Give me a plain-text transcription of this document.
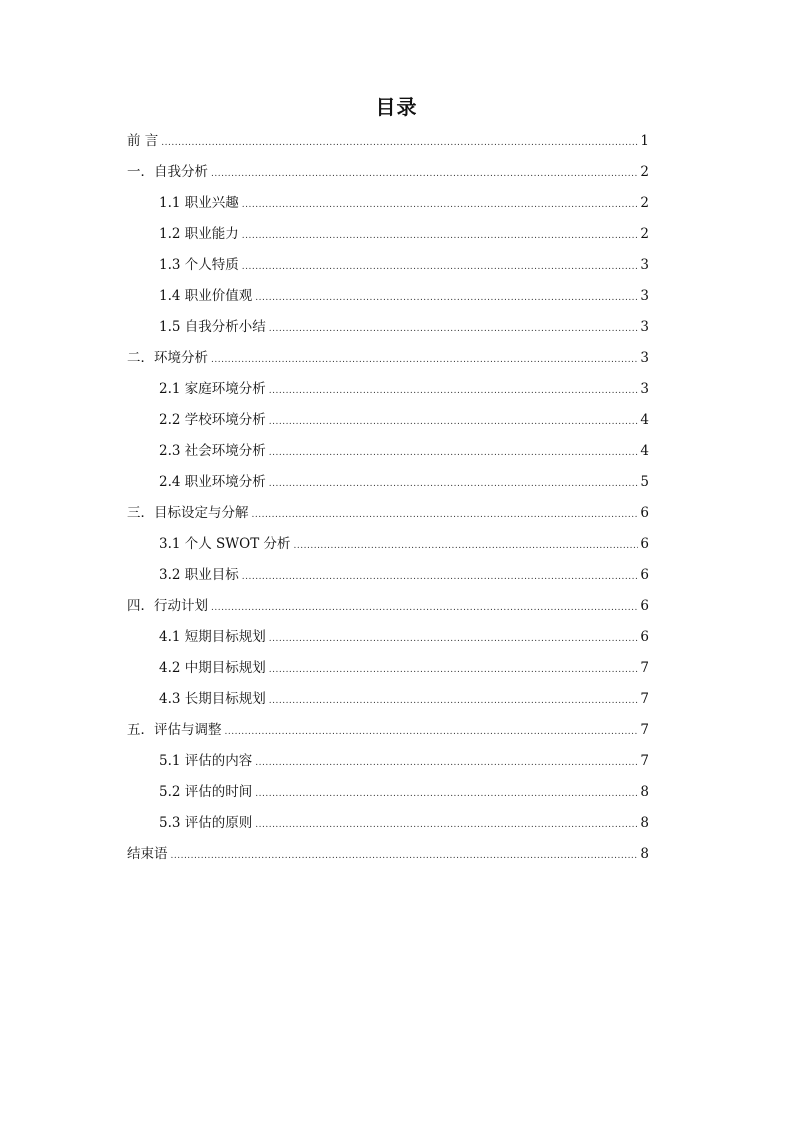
目录
前 言 .....	1
一．自我分析 .....	2
1.1 职业兴趣 .....	2
1.2 职业能力 .....	2
1.3 个人特质 .....	3
1.4 职业价值观 .....	3
1.5 自我分析小结 .....	3
二．环境分析 .....	3
2.1 家庭环境分析 .....	3
2.2 学校环境分析 .....	4
2.3 社会环境分析 .....	4
2.4 职业环境分析 .....	5
三．目标设定与分解 .....	6
3.1 个人 SWOT 分析 .....	6
3.2 职业目标 .....	6
四．行动计划 .....	6
4.1 短期目标规划 .....	6
4.2 中期目标规划 .....	7
4.3 长期目标规划 .....	7
五．评估与调整 .....	7
5.1 评估的内容 .....	7
5.2 评估的时间 .....	8
5.3 评估的原则 .....	8
结束语 .....	8
